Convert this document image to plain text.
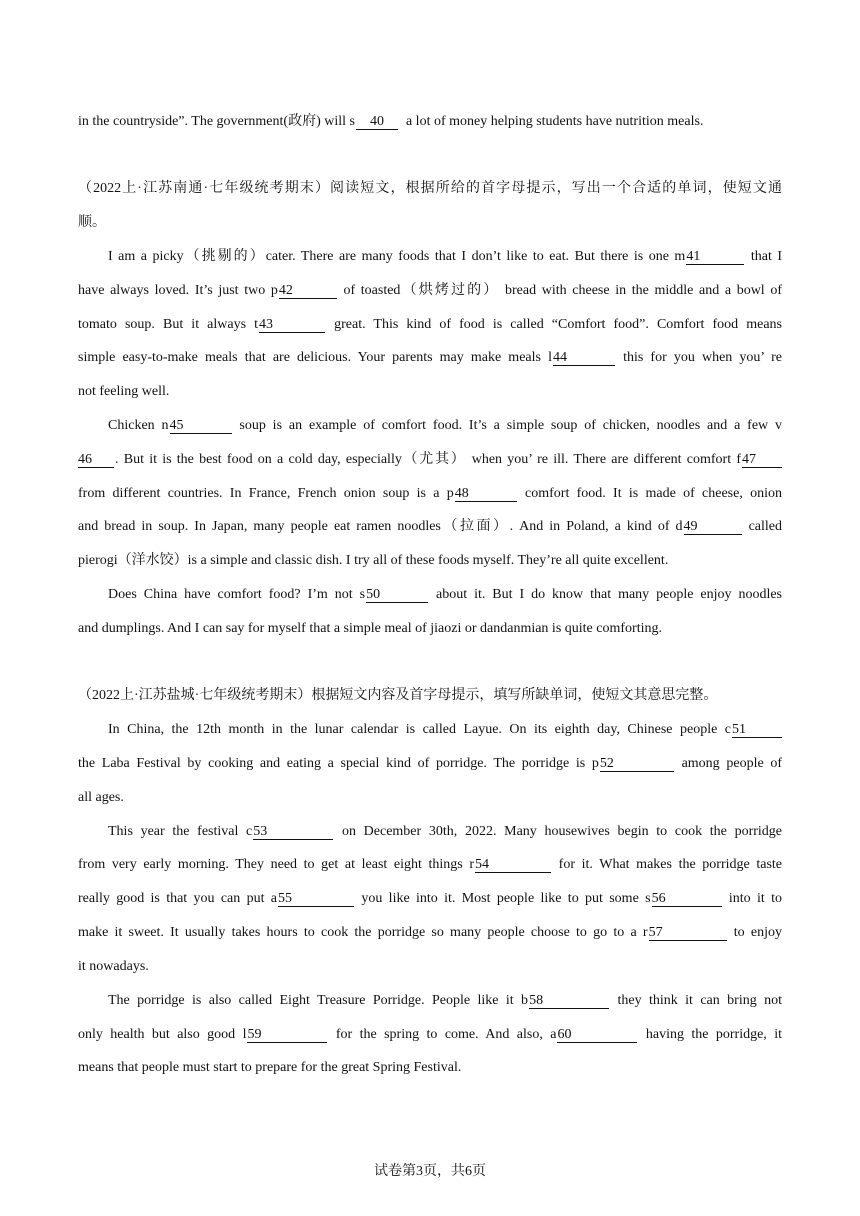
in the countryside”. The government(政府) will s 40 a lot of money helping students have nutrition meals.
（2022上·江苏南通·七年级统考期末）阅读短文，根据所给的首字母提示，写出一个合适的单词，使短文通
顺。
I am a picky（挑剔的）cater. There are many foods that I don’t like to eat. But there is one m41	that I
have always loved. It’s just two p42	of toasted（烘烤过的） bread with cheese in the middle and a bowl of
tomato soup. But it always t43	great. This kind of food is called “Comfort food”. Comfort food means
simple easy-to-make meals that are delicious. Your parents may make meals l44	this for you when you’ re
not feeling well.
Chicken n45	soup is an example of comfort food. It’s a simple soup of chicken, noodles and a few v
46 . But it is the best food on a cold day, especially（尤其） when you’ re ill. There are different comfort f47
from different countries. In France, French onion soup is a p48	comfort food. It is made of cheese, onion
and bread in soup. In Japan, many people eat ramen noodles（拉面）. And in Poland, a kind of d49	called
pierogi（洋水饺）is a simple and classic dish. I try all of these foods myself. They’re all quite excellent.
Does China have comfort food? I’m not s50	about it. But I do know that many people enjoy noodles
and dumplings. And I can say for myself that a simple meal of jiaozi or dandanmian is quite comforting.
（2022上·江苏盐城·七年级统考期末）根据短文内容及首字母提示，填写所缺单词，使短文其意思完整。
In China, the 12th month in the lunar calendar is called Layue. On its eighth day, Chinese people c51
the Laba Festival by cooking and eating a special kind of porridge. The porridge is p52	among people of
all ages.
This year the festival c53	on December 30th, 2022. Many housewives begin to cook the porridge
from very early morning. They need to get at least eight things r54	for it. What makes the porridge taste
really good is that you can put a55	you like into it. Most people like to put some s56	into it to
make it sweet. It usually takes hours to cook the porridge so many people choose to go to a r57	to enjoy
it nowadays.
The porridge is also called Eight Treasure Porridge. People like it b58	they think it can bring not
only health but also good l59	for the spring to come. And also, a60	having the porridge, it
means that people must start to prepare for the great Spring Festival.
试卷第3页，共6页
